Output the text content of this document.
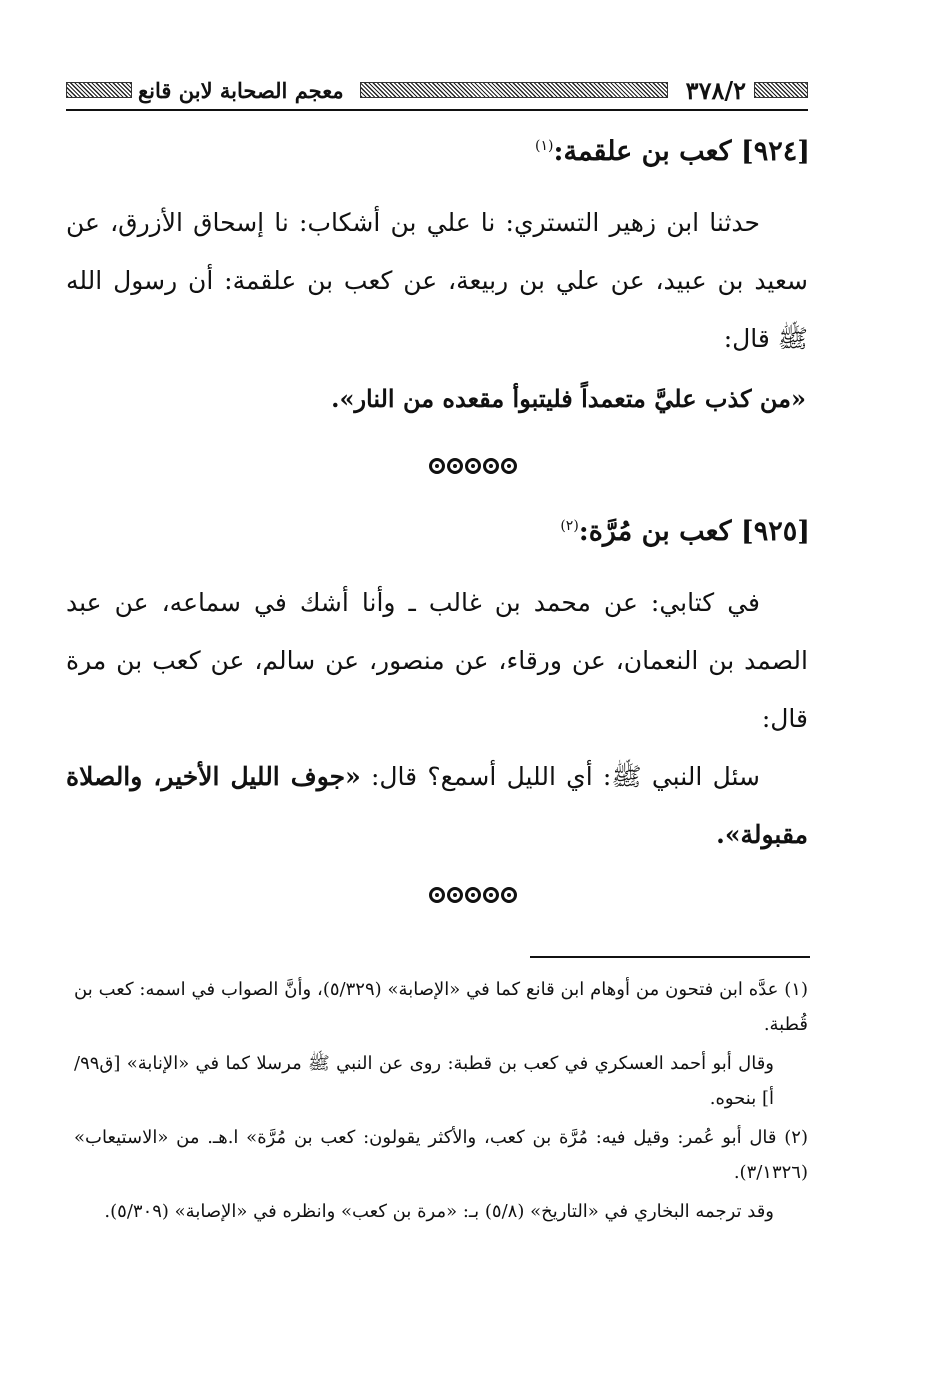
٣٧٨/٢
معجم الصحابة لابن قانع
[٩٢٤] كعب بن علقمة:$^{(١)}$

حدثنا ابن زهير التستري: نا علي بن أشكاب: نا إسحاق الأزرق، عن سعيد بن عبيد، عن علي بن ربيعة، عن كعب بن علقمة: أن رسول الله ﷺ قال:

«من كذب عليَّ متعمداً فليتبوأ مقعده من النار».
[٩٢٥] كعب بن مُرَّة:$^{(٢)}$

في كتابي: عن محمد بن غالب ـ وأنا أشك في سماعه، عن عبد الصمد بن النعمان، عن ورقاء، عن منصور، عن سالم، عن كعب بن مرة قال:

سئل النبي ﷺ: أي الليل أسمع؟ قال: «جوف الليل الأخير، والصلاة مقبولة».

(١) عدَّه ابن فتحون من أوهام ابن قانع كما في «الإصابة» (٥/٣٢٩)، وأنَّ الصواب في اسمه: كعب بن قُطبة.

وقال أبو أحمد العسكري في كعب بن قطبة: روى عن النبي ﷺ مرسلا كما في «الإنابة» [ق٩٩/ أ] بنحوه.

(٢) قال أبو عُمر: وقيل فيه: مُرَّة بن كعب، والأكثر يقولون: كعب بن مُرَّة» ا.هـ. من «الاستيعاب» (٣/١٣٢٦).

وقد ترجمه البخاري في «التاريخ» (٥/٨) بـ: «مرة بن كعب» وانظره في «الإصابة» (٥/٣٠٩).
